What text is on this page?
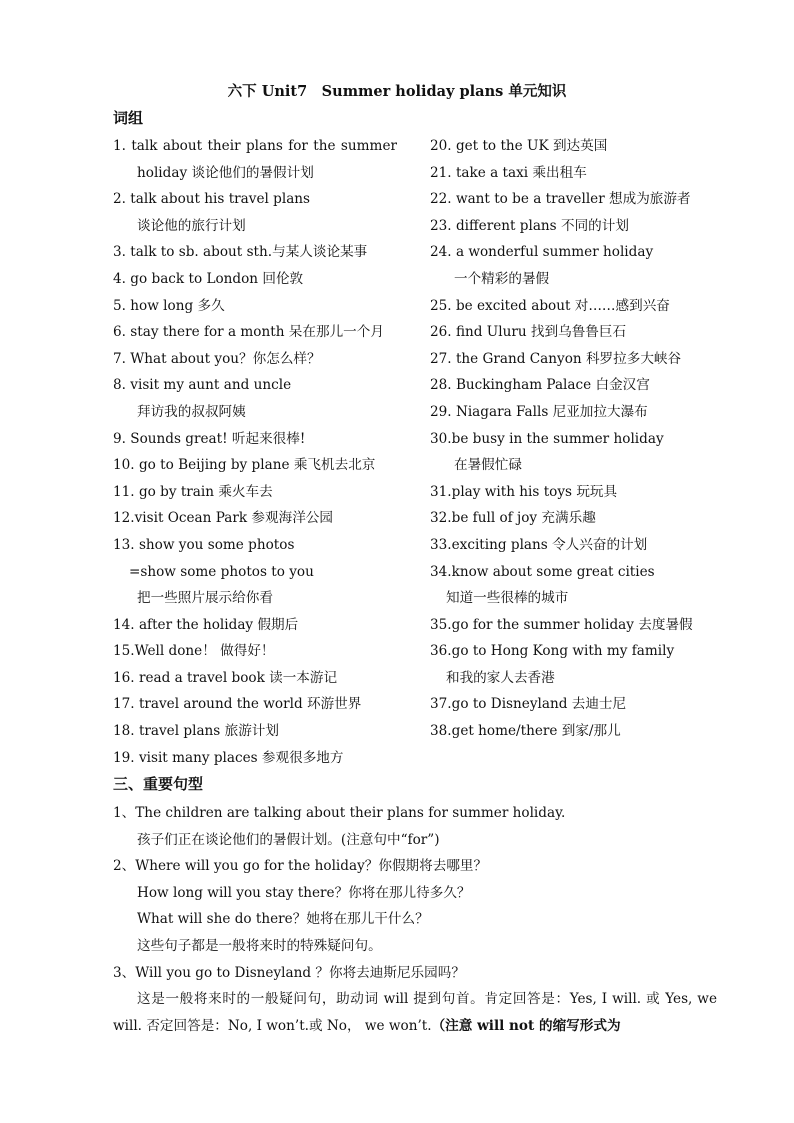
六下 Unit7　Summer holiday plans 单元知识
词组
1. talk about their plans for the summer
holiday 谈论他们的暑假计划
2. talk about his travel plans
谈论他的旅行计划
3. talk to sb. about sth.与某人谈论某事
4. go back to London 回伦敦
5. how long 多久
6. stay there for a month 呆在那儿一个月
7. What about you？你怎么样？
8. visit my aunt and uncle
拜访我的叔叔阿姨
9. Sounds great! 听起来很棒!
10. go to Beijing by plane 乘飞机去北京
11. go by train 乘火车去
12.visit Ocean Park 参观海洋公园
13. show you some photos
=show some photos to you
把一些照片展示给你看
14. after the holiday 假期后
15.Well done！ 做得好！
16. read a travel book 读一本游记
17. travel around the world 环游世界
18. travel plans 旅游计划
19. visit many places 参观很多地方
20. get to the UK 到达英国
21. take a taxi 乘出租车
22. want to be a traveller 想成为旅游者
23. different plans 不同的计划
24. a wonderful summer holiday
一个精彩的暑假
25. be excited about 对……感到兴奋
26. find Uluru 找到乌鲁鲁巨石
27. the Grand Canyon 科罗拉多大峡谷
28. Buckingham Palace 白金汉宫
29. Niagara Falls 尼亚加拉大瀑布
30.be busy in the summer holiday
在暑假忙碌
31.play with his toys 玩玩具
32.be full of joy 充满乐趣
33.exciting plans 令人兴奋的计划
34.know about some great cities
知道一些很棒的城市
35.go for the summer holiday 去度暑假
36.go to Hong Kong with my family
和我的家人去香港
37.go to Disneyland 去迪士尼
38.get home/there 到家/那儿
三、重要句型
1、The children are talking about their plans for summer holiday.
孩子们正在谈论他们的暑假计划。(注意句中“for”)
2、Where will you go for the holiday？你假期将去哪里？
How long will you stay there？你将在那儿待多久？
What will she do there？她将在那儿干什么？
这些句子都是一般将来时的特殊疑问句。
3、Will you go to Disneyland ？你将去迪斯尼乐园吗？
这是一般将来时的一般疑问句，助动词 will 提到句首。肯定回答是：Yes, I will. 或 Yes, we will. 否定回答是：No, I won’t.或 No， we won’t.（注意 will not 的缩写形式为
